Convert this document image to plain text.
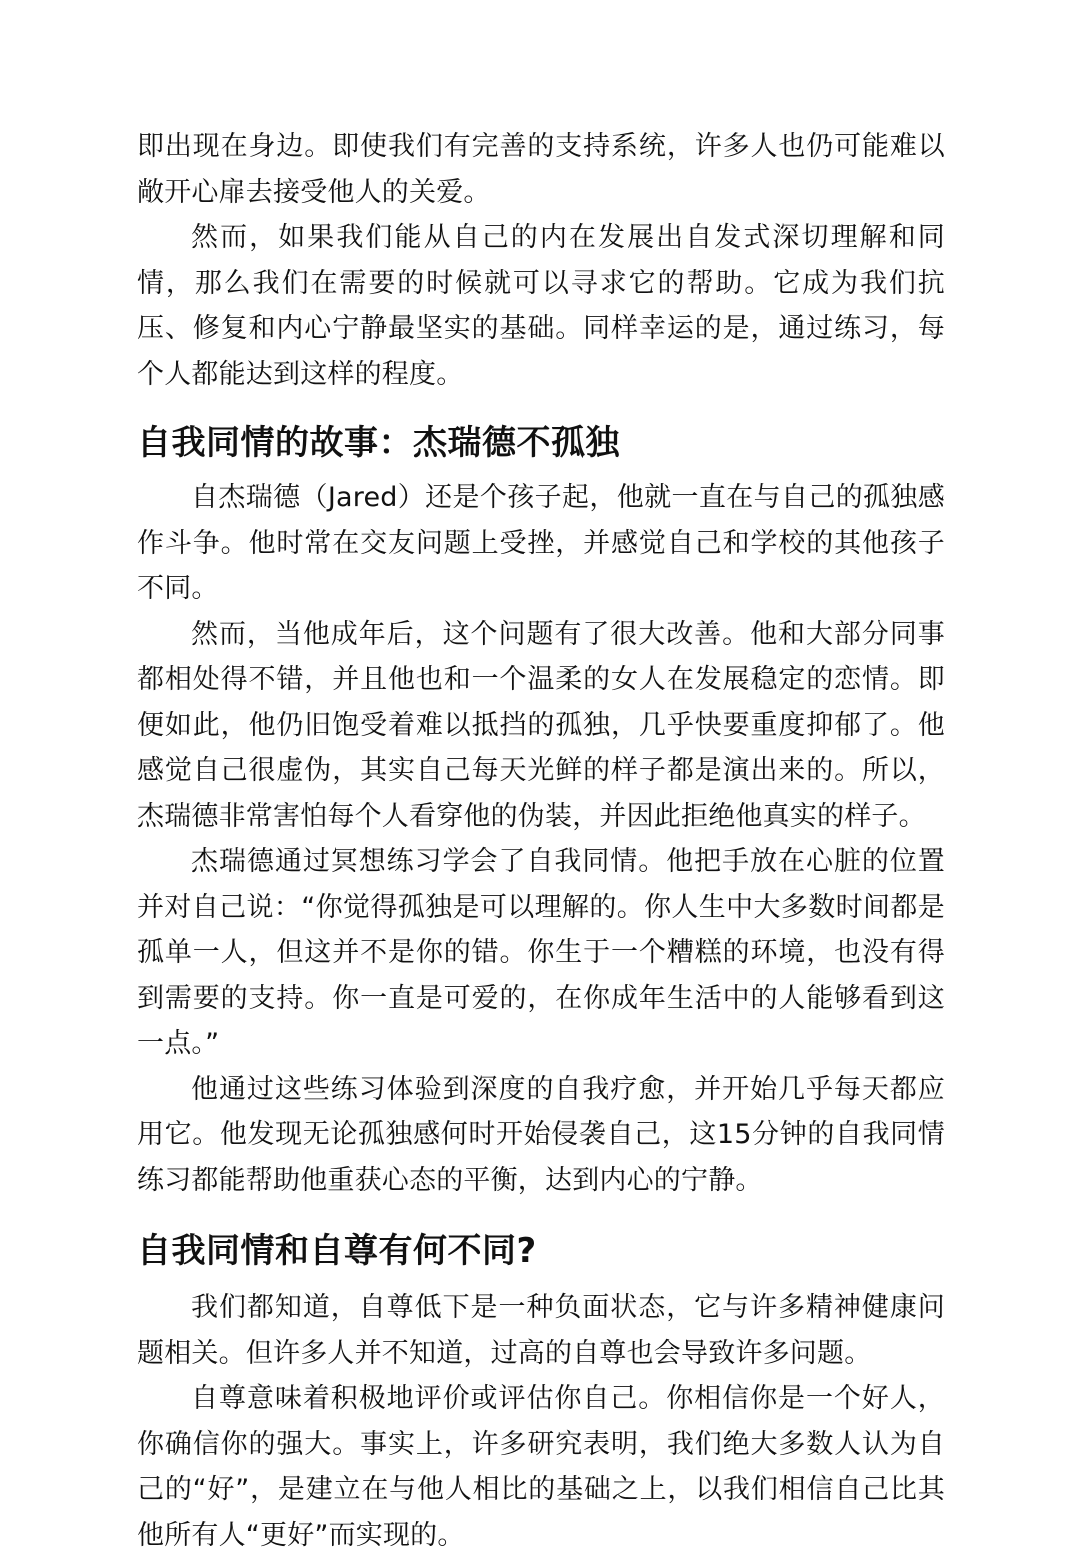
即出现在身边。即使我们有完善的支持系统，许多人也仍可能难以敞开心扉去接受他人的关爱。

然而，如果我们能从自己的内在发展出自发式深切理解和同情，那么我们在需要的时候就可以寻求它的帮助。它成为我们抗压、修复和内心宁静最坚实的基础。同样幸运的是，通过练习，每个人都能达到这样的程度。

自我同情的故事：杰瑞德不孤独

自杰瑞德（Jared）还是个孩子起，他就一直在与自己的孤独感作斗争。他时常在交友问题上受挫，并感觉自己和学校的其他孩子不同。

然而，当他成年后，这个问题有了很大改善。他和大部分同事都相处得不错，并且他也和一个温柔的女人在发展稳定的恋情。即便如此，他仍旧饱受着难以抵挡的孤独，几乎快要重度抑郁了。他感觉自己很虚伪，其实自己每天光鲜的样子都是演出来的。所以，杰瑞德非常害怕每个人看穿他的伪装，并因此拒绝他真实的样子。

杰瑞德通过冥想练习学会了自我同情。他把手放在心脏的位置并对自己说：“你觉得孤独是可以理解的。你人生中大多数时间都是孤单一人，但这并不是你的错。你生于一个糟糕的环境，也没有得到需要的支持。你一直是可爱的，在你成年生活中的人能够看到这一点。”

他通过这些练习体验到深度的自我疗愈，并开始几乎每天都应用它。他发现无论孤独感何时开始侵袭自己，这15分钟的自我同情练习都能帮助他重获心态的平衡，达到内心的宁静。

自我同情和自尊有何不同?

我们都知道，自尊低下是一种负面状态，它与许多精神健康问题相关。但许多人并不知道，过高的自尊也会导致许多问题。

自尊意味着积极地评价或评估你自己。你相信你是一个好人，你确信你的强大。事实上，许多研究表明，我们绝大多数人认为自己的“好”，是建立在与他人相比的基础之上，以我们相信自己比其他所有人“更好”而实现的。
